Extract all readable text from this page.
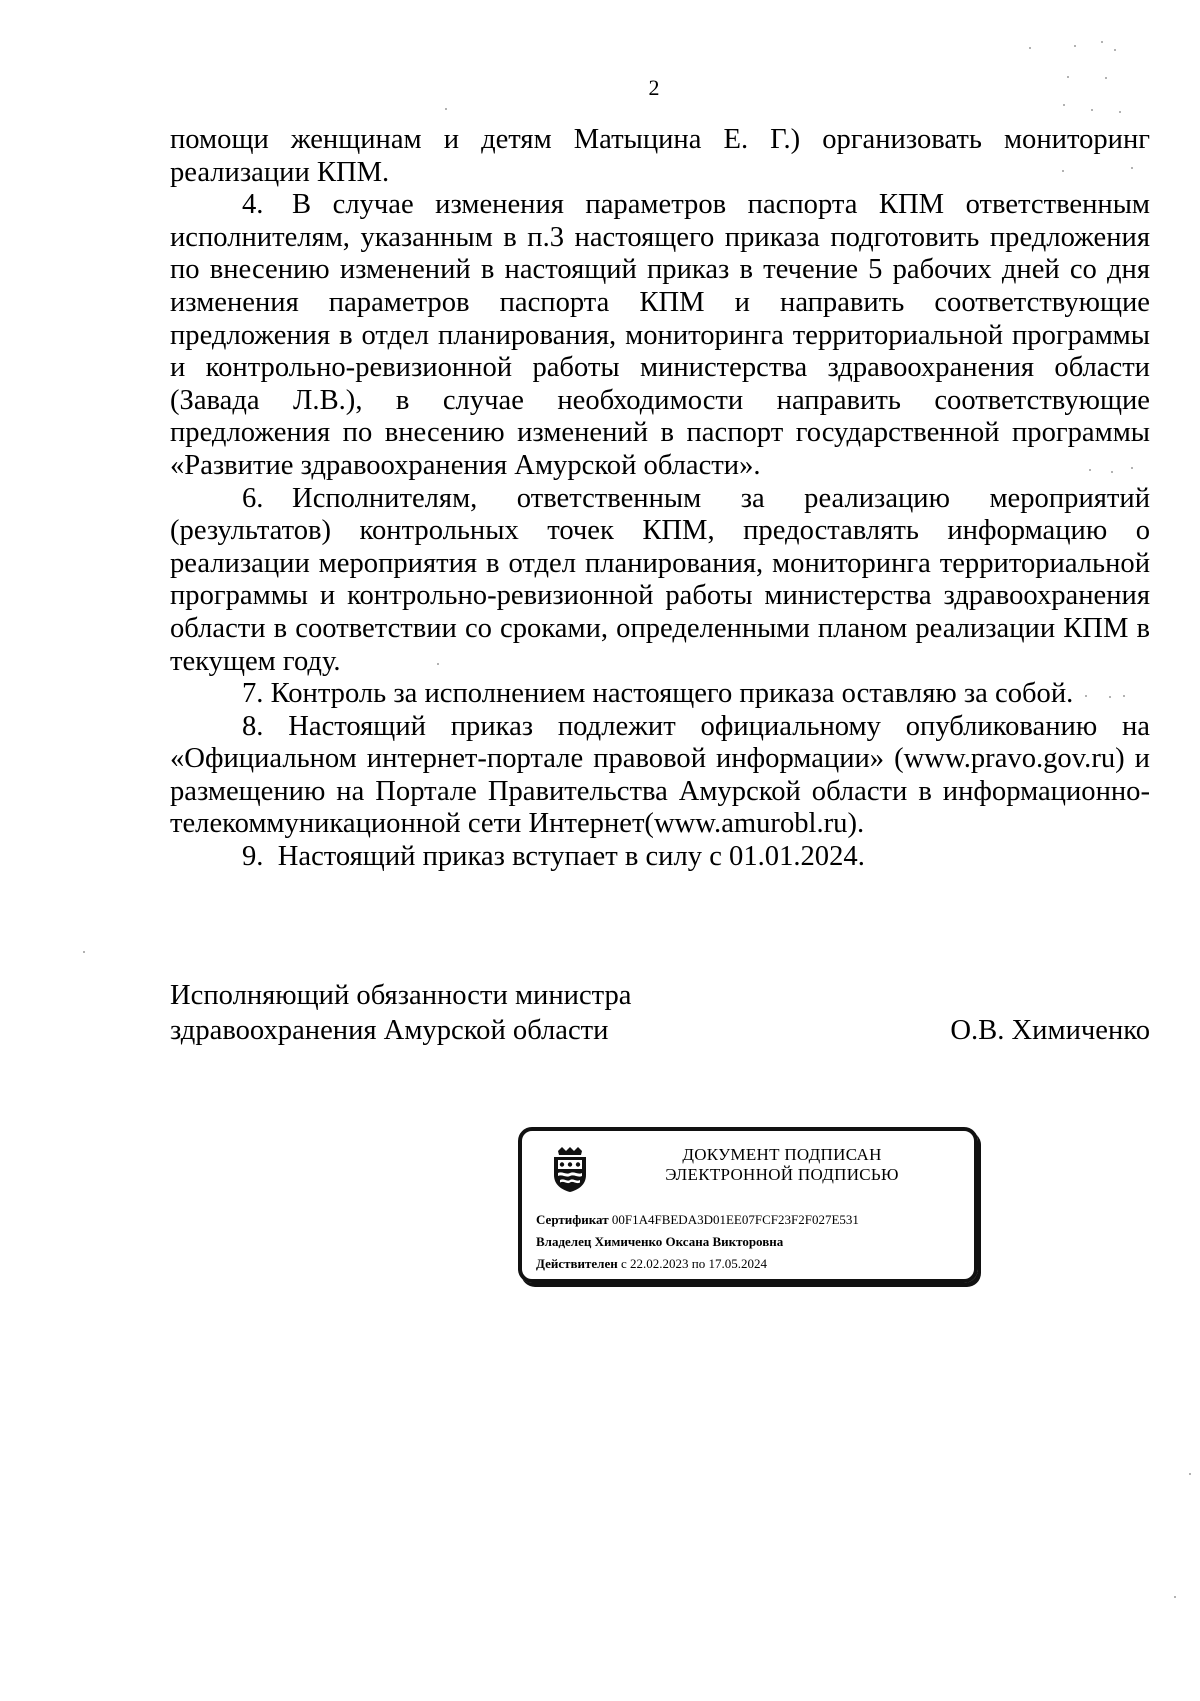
2

помощи женщинам и детям Матыцина Е. Г.) организовать мониторинг реализации КПМ.

4. В случае изменения параметров паспорта КПМ ответственным исполнителям, указанным в п.3 настоящего приказа подготовить предложения по внесению изменений в настоящий приказ в течение 5 рабочих дней со дня изменения параметров паспорта КПМ и направить соответствующие предложения в отдел планирования, мониторинга территориальной программы и контрольно-ревизионной работы министерства здравоохранения области (Завада Л.В.), в случае необходимости направить соответствующие предложения по внесению изменений в паспорт государственной программы «Развитие здравоохранения Амурской области».

6. Исполнителям, ответственным за реализацию мероприятий (результатов) контрольных точек КПМ, предоставлять информацию о реализации мероприятия в отдел планирования, мониторинга территориальной программы и контрольно-ревизионной работы министерства здравоохранения области в соответствии со сроками, определенными планом реализации КПМ в текущем году.

7. Контроль за исполнением настоящего приказа оставляю за собой.

8. Настоящий приказ подлежит официальному опубликованию на «Официальном интернет-портале правовой информации» (www.pravo.gov.ru) и размещению на Портале Правительства Амурской области в информационно-телекоммуникационной сети Интернет(www.amurobl.ru).

9. Настоящий приказ вступает в силу с 01.01.2024.

Исполняющий обязанности министра
здравоохранения Амурской области	О.В. Химиченко
ДОКУМЕНТ ПОДПИСАН
ЭЛЕКТРОННОЙ ПОДПИСЬЮ
Сертификат 00F1A4FBEDA3D01EE07FCF23F2F027E531
Владелец Химиченко Оксана Викторовна
Действителен с 22.02.2023 по 17.05.2024
